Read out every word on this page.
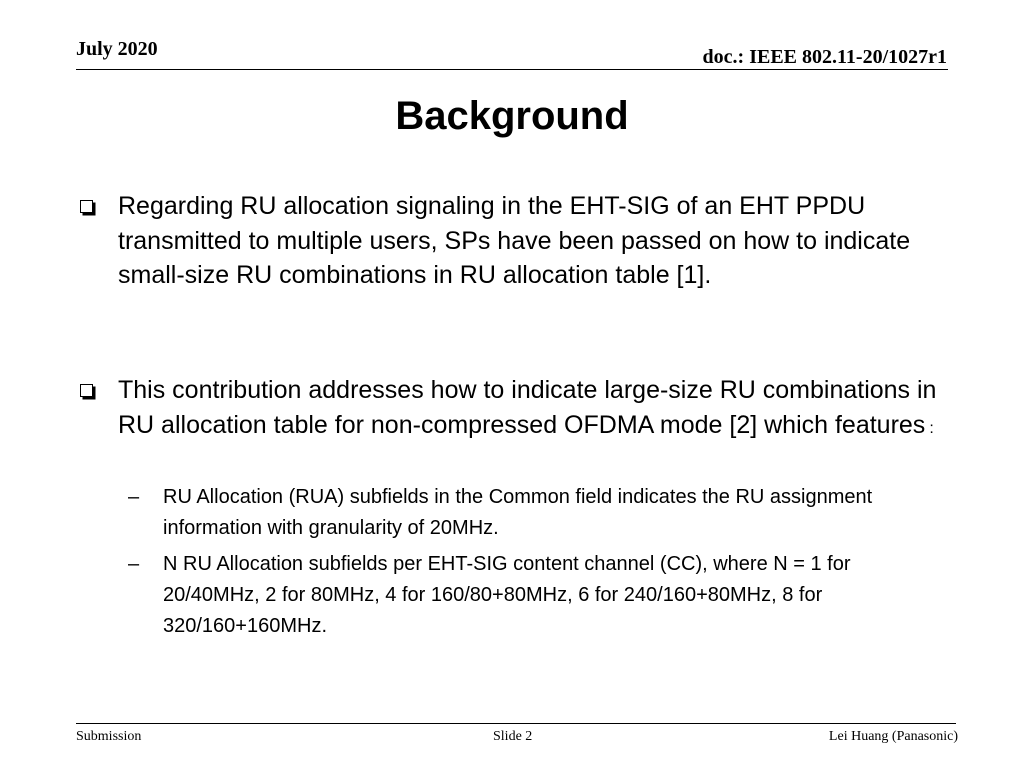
July 2020	doc.: IEEE 802.11-20/1027r1
Background
Regarding RU allocation signaling in the EHT-SIG of an EHT PPDU transmitted to multiple users, SPs have been passed on how to indicate small-size RU combinations in RU allocation table [1].
This contribution addresses how to indicate large-size RU combinations in RU allocation table for non-compressed OFDMA mode [2] which features :
– RU Allocation (RUA) subfields in the Common field indicates the RU assignment information with granularity of 20MHz.
– N RU Allocation subfields per EHT-SIG content channel (CC), where N = 1 for 20/40MHz, 2 for 80MHz, 4 for 160/80+80MHz, 6 for 240/160+80MHz, 8 for 320/160+160MHz.
Submission	Slide 2	Lei Huang (Panasonic)
